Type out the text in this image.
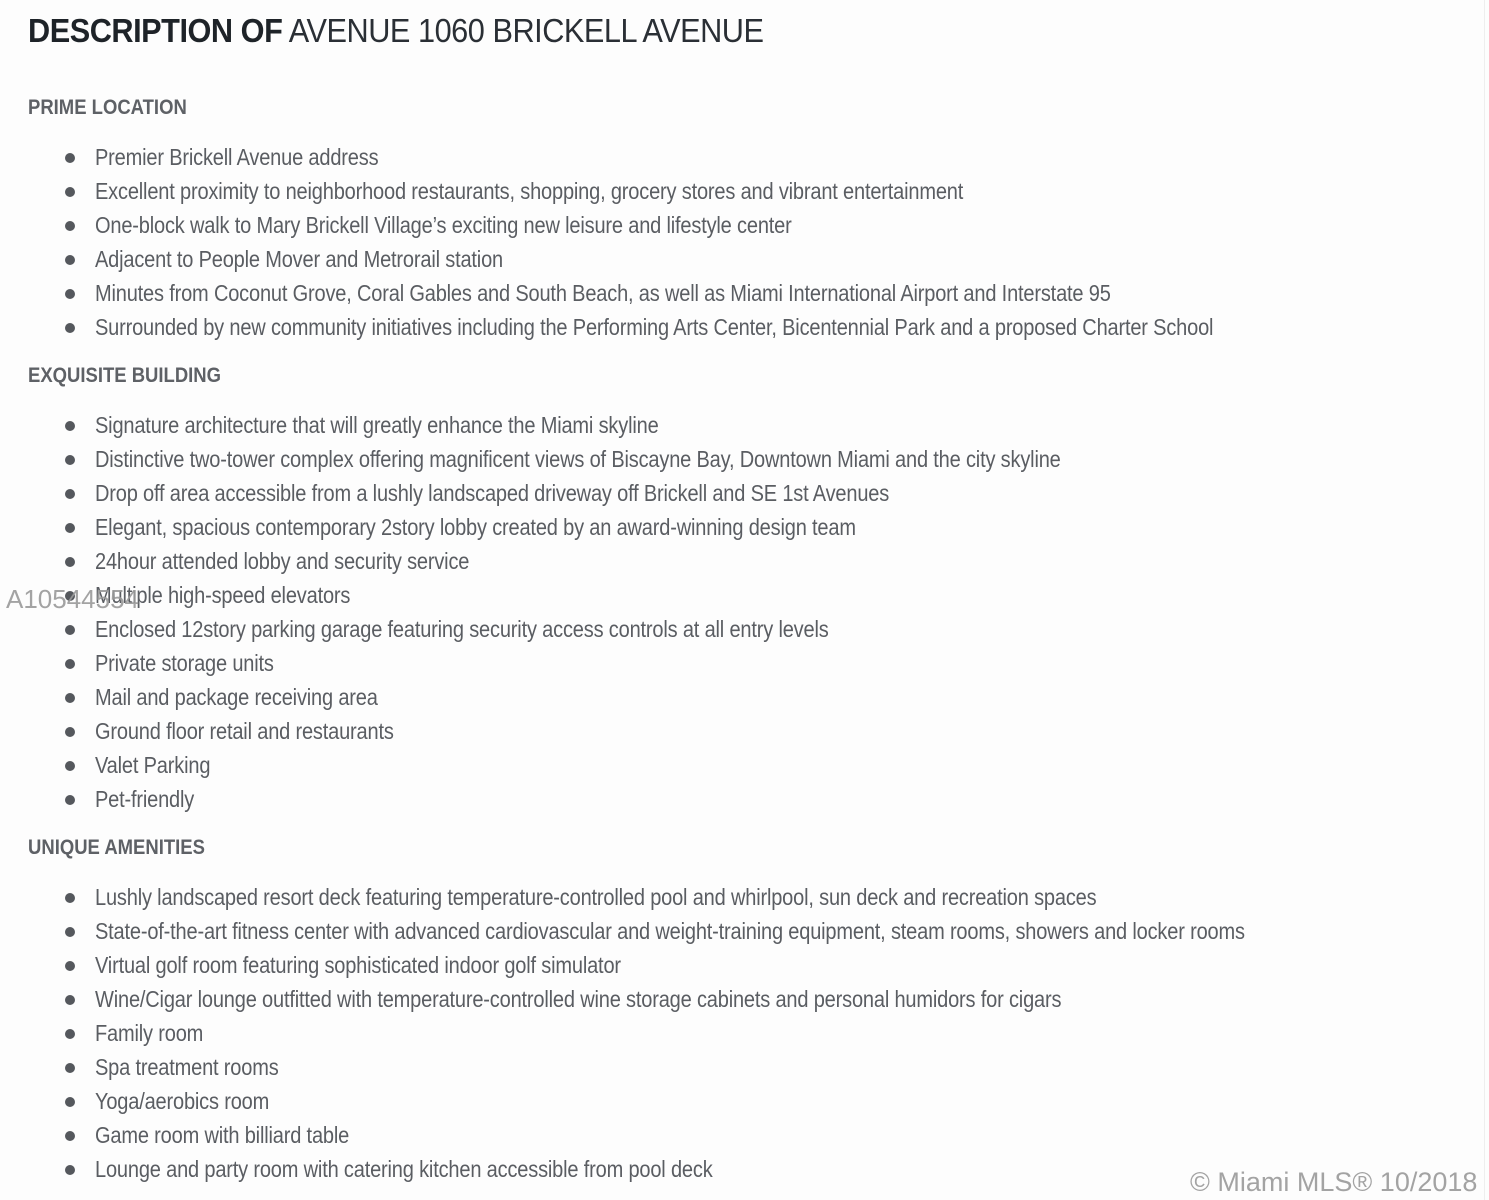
DESCRIPTION OF AVENUE 1060 BRICKELL AVENUE
PRIME LOCATION
Premier Brickell Avenue address
Excellent proximity to neighborhood restaurants, shopping, grocery stores and vibrant entertainment
One-block walk to Mary Brickell Village’s exciting new leisure and lifestyle center
Adjacent to People Mover and Metrorail station
Minutes from Coconut Grove, Coral Gables and South Beach, as well as Miami International Airport and Interstate 95
Surrounded by new community initiatives including the Performing Arts Center, Bicentennial Park and a proposed Charter School
EXQUISITE BUILDING
Signature architecture that will greatly enhance the Miami skyline
Distinctive two-tower complex offering magnificent views of Biscayne Bay, Downtown Miami and the city skyline
Drop off area accessible from a lushly landscaped driveway off Brickell and SE 1st Avenues
Elegant, spacious contemporary 2story lobby created by an award-winning design team
24hour attended lobby and security service
Multiple high-speed elevators
Enclosed 12story parking garage featuring security access controls at all entry levels
Private storage units
Mail and package receiving area
Ground floor retail and restaurants
Valet Parking
Pet-friendly
UNIQUE AMENITIES
Lushly landscaped resort deck featuring temperature-controlled pool and whirlpool, sun deck and recreation spaces
State-of-the-art fitness center with advanced cardiovascular and weight-training equipment, steam rooms, showers and locker rooms
Virtual golf room featuring sophisticated indoor golf simulator
Wine/Cigar lounge outfitted with temperature-controlled wine storage cabinets and personal humidors for cigars
Family room
Spa treatment rooms
Yoga/aerobics room
Game room with billiard table
Lounge and party room with catering kitchen accessible from pool deck
A10544554
© Miami MLS® 10/2018
